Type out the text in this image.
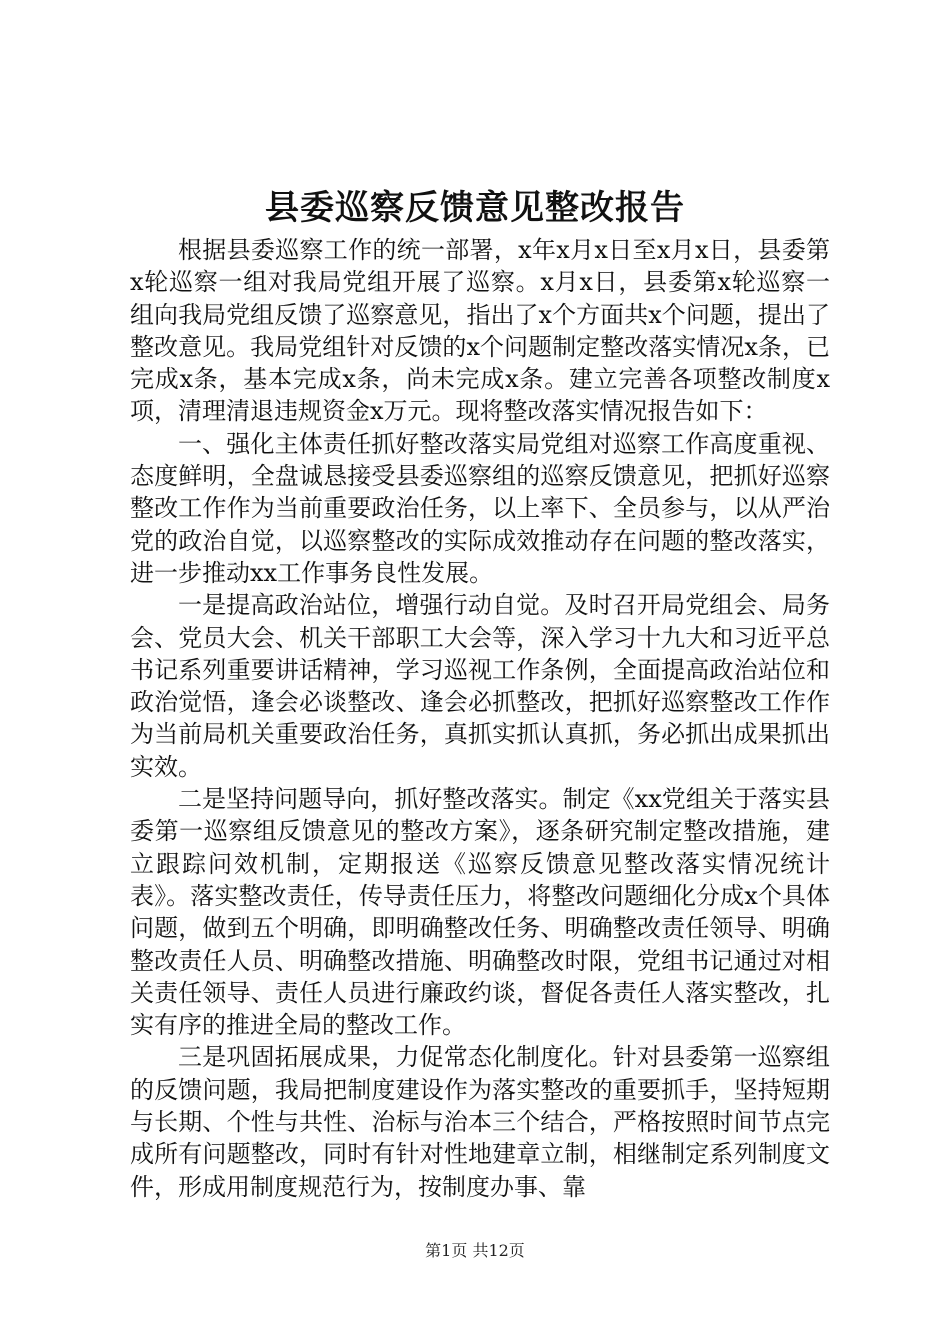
县委巡察反馈意见整改报告

根据县委巡察工作的统一部署，x年x月x日至x月x日，县委第x轮巡察一组对我局党组开展了巡察。x月x日，县委第x轮巡察一组向我局党组反馈了巡察意见，指出了x个方面共x个问题，提出了整改意见。我局党组针对反馈的x个问题制定整改落实情况x条，已完成x条，基本完成x条，尚未完成x条。建立完善各项整改制度x项，清理清退违规资金x万元。现将整改落实情况报告如下：

一、强化主体责任抓好整改落实局党组对巡察工作高度重视、态度鲜明，全盘诚恳接受县委巡察组的巡察反馈意见，把抓好巡察整改工作作为当前重要政治任务，以上率下、全员参与，以从严治党的政治自觉，以巡察整改的实际成效推动存在问题的整改落实，进一步推动xx工作事务良性发展。

一是提高政治站位，增强行动自觉。及时召开局党组会、局务会、党员大会、机关干部职工大会等，深入学习十九大和习近平总书记系列重要讲话精神，学习巡视工作条例，全面提高政治站位和政治觉悟，逢会必谈整改、逢会必抓整改，把抓好巡察整改工作作为当前局机关重要政治任务，真抓实抓认真抓，务必抓出成果抓出实效。

二是坚持问题导向，抓好整改落实。制定《xx党组关于落实县委第一巡察组反馈意见的整改方案》，逐条研究制定整改措施，建立跟踪问效机制，定期报送《巡察反馈意见整改落实情况统计表》。落实整改责任，传导责任压力，将整改问题细化分成x个具体问题，做到五个明确，即明确整改任务、明确整改责任领导、明确整改责任人员、明确整改措施、明确整改时限，党组书记通过对相关责任领导、责任人员进行廉政约谈，督促各责任人落实整改，扎实有序的推进全局的整改工作。

三是巩固拓展成果，力促常态化制度化。针对县委第一巡察组的反馈问题，我局把制度建设作为落实整改的重要抓手，坚持短期与长期、个性与共性、治标与治本三个结合，严格按照时间节点完成所有问题整改，同时有针对性地建章立制，相继制定系列制度文件，形成用制度规范行为，按制度办事、靠

第1页 共12页
